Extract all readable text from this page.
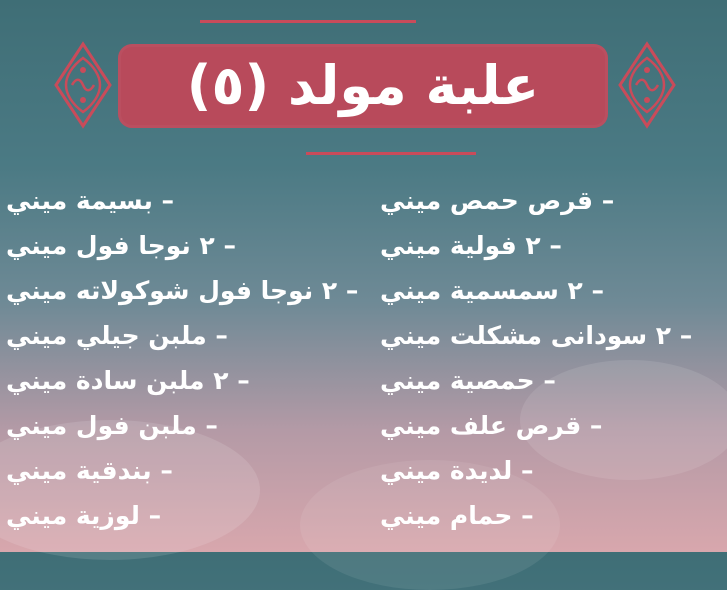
علبة مولد (٥)
– قرص حمص ميني
– ٢ فولية ميني
– ٢ سمسمية ميني
– ٢ سودانى مشكلت ميني
– حمصية ميني
– قرص علف ميني
– لديدة ميني
– حمام ميني
– بسيمة ميني
– ٢ نوجا فول ميني
– ٢ نوجا فول شوكولاته ميني
– ملبن جيلي ميني
– ٢ ملبن سادة ميني
– ملبن فول ميني
– بندقية ميني
– لوزية ميني
